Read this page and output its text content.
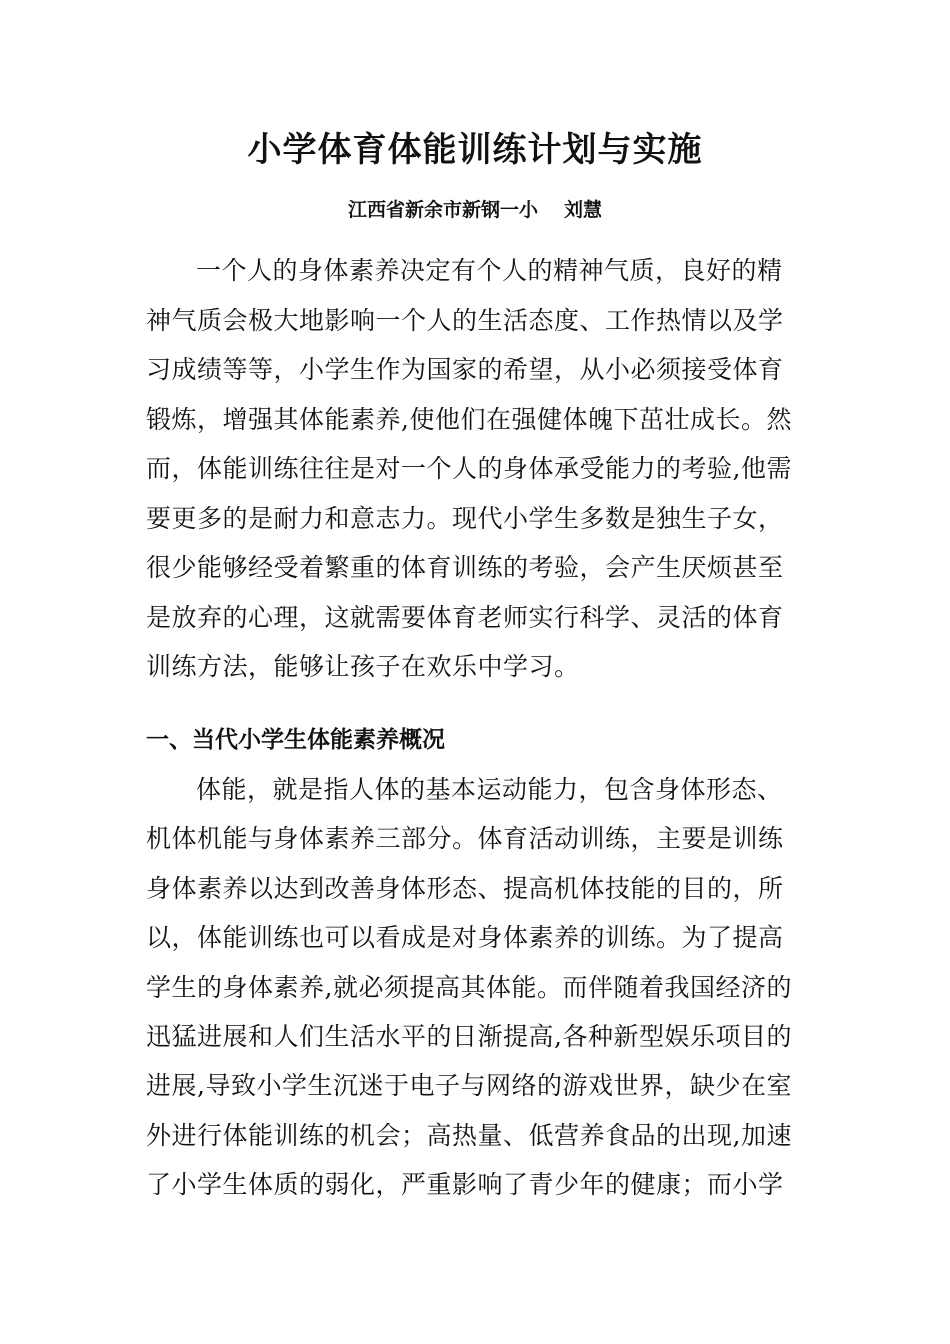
小学体育体能训练计划与实施
江西省新余市新钢一小 刘慧
一个人的身体素养决定有个人的精神气质，良好的精
神气质会极大地影响一个人的生活态度、工作热情以及学
习成绩等等，小学生作为国家的希望，从小必须接受体育
锻炼，增强其体能素养,使他们在强健体魄下茁壮成长。然
而，体能训练往往是对一个人的身体承受能力的考验,他需
要更多的是耐力和意志力。现代小学生多数是独生子女，
很少能够经受着繁重的体育训练的考验，会产生厌烦甚至
是放弃的心理，这就需要体育老师实行科学、灵活的体育
训练方法，能够让孩子在欢乐中学习。
一、当代小学生体能素养概况
体能，就是指人体的基本运动能力，包含身体形态、
机体机能与身体素养三部分。体育活动训练，主要是训练
身体素养以达到改善身体形态、提高机体技能的目的，所
以，体能训练也可以看成是对身体素养的训练。为了提高
学生的身体素养,就必须提高其体能。而伴随着我国经济的
迅猛进展和人们生活水平的日渐提高,各种新型娱乐项目的
进展,导致小学生沉迷于电子与网络的游戏世界，缺少在室
外进行体能训练的机会；高热量、低营养食品的出现,加速
了小学生体质的弱化，严重影响了青少年的健康；而小学
